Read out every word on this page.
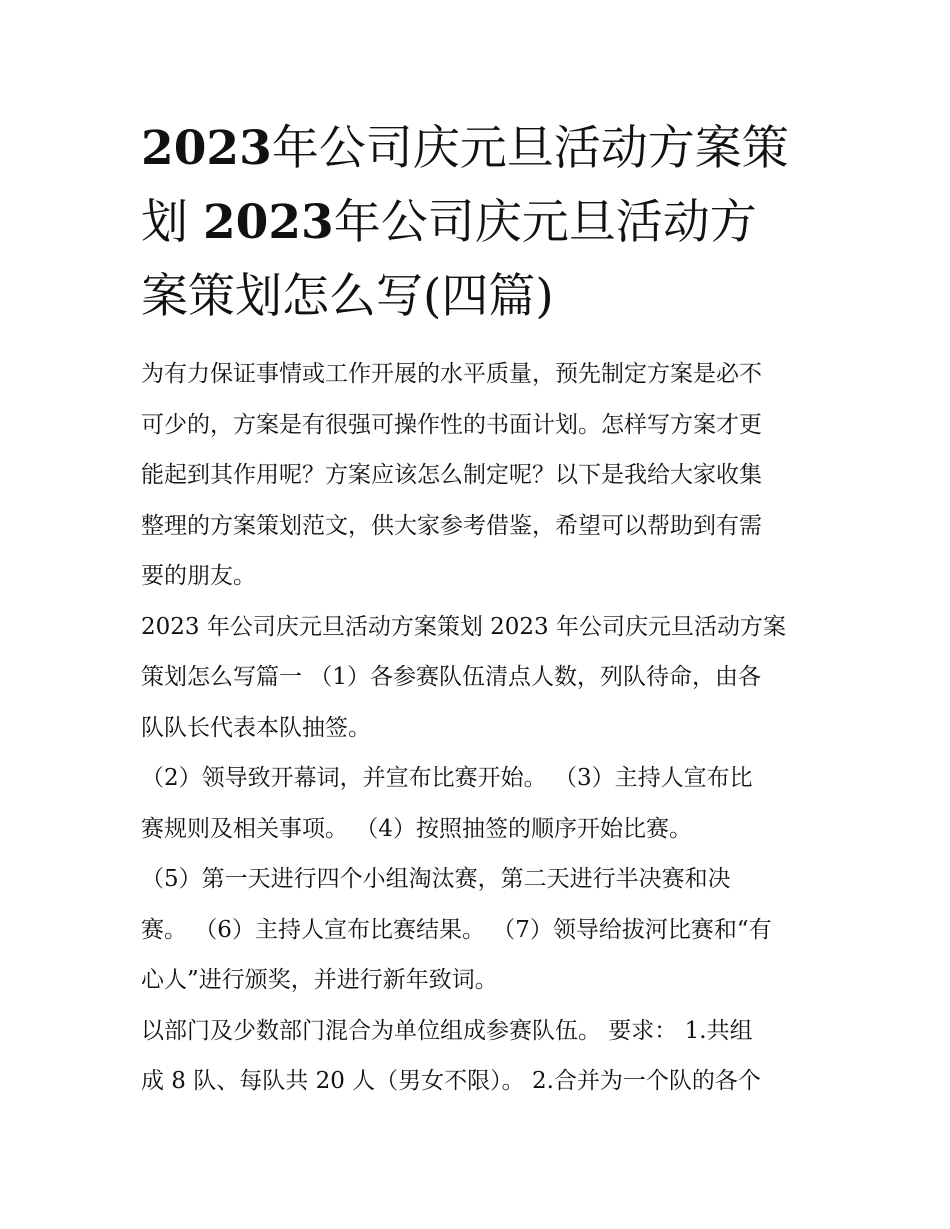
2023年公司庆元旦活动方案策
划 2023年公司庆元旦活动方
案策划怎么写(四篇)

为有力保证事情或工作开展的水平质量，预先制定方案是必不
可少的，方案是有很强可操作性的书面计划。怎样写方案才更
能起到其作用呢？方案应该怎么制定呢？以下是我给大家收集
整理的方案策划范文，供大家参考借鉴，希望可以帮助到有需
要的朋友。

2023 年公司庆元旦活动方案策划 2023 年公司庆元旦活动方案
策划怎么写篇一 （1）各参赛队伍清点人数，列队待命，由各
队队长代表本队抽签。

（2）领导致开幕词，并宣布比赛开始。 （3）主持人宣布比
赛规则及相关事项。 （4）按照抽签的顺序开始比赛。

（5）第一天进行四个小组淘汰赛，第二天进行半决赛和决
赛。 （6）主持人宣布比赛结果。 （7）领导给拔河比赛和“有
心人”进行颁奖，并进行新年致词。

以部门及少数部门混合为单位组成参赛队伍。 要求： 1.共组
成 8 队、每队共 20 人（男女不限）。 2.合并为一个队的各个
